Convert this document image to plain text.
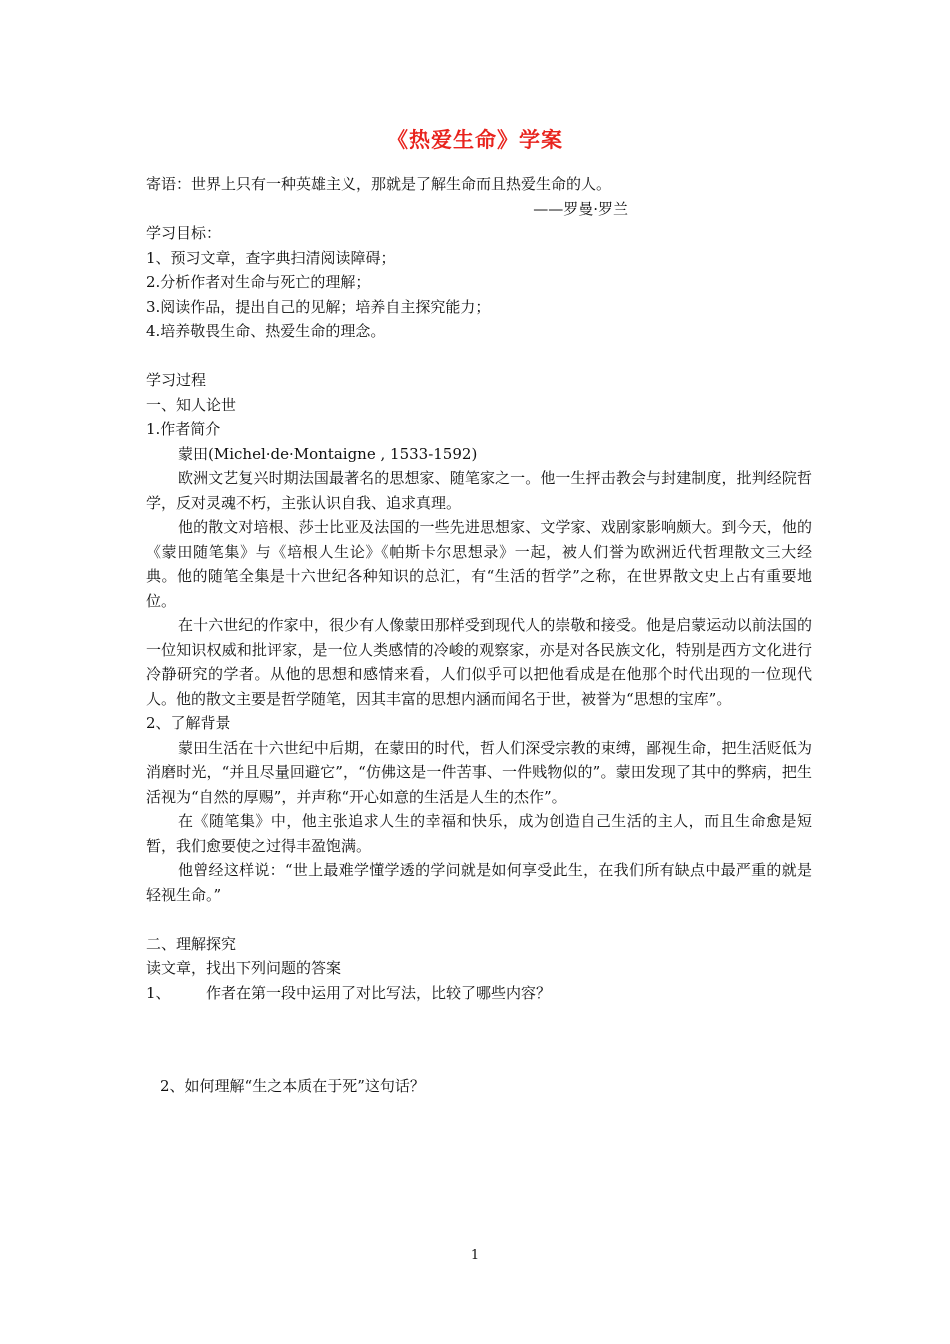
《热爱生命》学案
寄语：世界上只有一种英雄主义，那就是了解生命而且热爱生命的人。
——罗曼·罗兰
学习目标：
1、预习文章，查字典扫清阅读障碍；
2.分析作者对生命与死亡的理解；
3.阅读作品，提出自己的见解；培养自主探究能力；
4.培养敬畏生命、热爱生命的理念。
学习过程
一、知人论世
1.作者简介
蒙田(Michel·de·Montaigne , 1533-1592)
欧洲文艺复兴时期法国最著名的思想家、随笔家之一。他一生抨击教会与封建制度，批判经院哲学，反对灵魂不朽，主张认识自我、追求真理。
他的散文对培根、莎士比亚及法国的一些先进思想家、文学家、戏剧家影响颇大。到今天，他的《蒙田随笔集》与《培根人生论》《帕斯卡尔思想录》一起，被人们誉为欧洲近代哲理散文三大经典。他的随笔全集是十六世纪各种知识的总汇，有“生活的哲学”之称，在世界散文史上占有重要地位。
在十六世纪的作家中，很少有人像蒙田那样受到现代人的崇敬和接受。他是启蒙运动以前法国的一位知识权威和批评家，是一位人类感情的冷峻的观察家，亦是对各民族文化，特别是西方文化进行冷静研究的学者。从他的思想和感情来看，人们似乎可以把他看成是在他那个时代出现的一位现代人。他的散文主要是哲学随笔，因其丰富的思想内涵而闻名于世，被誉为“思想的宝库”。
2、了解背景
蒙田生活在十六世纪中后期，在蒙田的时代，哲人们深受宗教的束缚，鄙视生命，把生活贬低为消磨时光，“并且尽量回避它”，“仿佛这是一件苦事、一件贱物似的”。蒙田发现了其中的弊病，把生活视为“自然的厚赐”，并声称“开心如意的生活是人生的杰作”。
在《随笔集》中，他主张追求人生的幸福和快乐，成为创造自己生活的主人，而且生命愈是短暂，我们愈要使之过得丰盈饱满。
他曾经这样说：“世上最难学懂学透的学问就是如何享受此生，在我们所有缺点中最严重的就是轻视生命。”
二、理解探究
读文章，找出下列问题的答案
1、	作者在第一段中运用了对比写法，比较了哪些内容？
2、如何理解“生之本质在于死”这句话？
1
